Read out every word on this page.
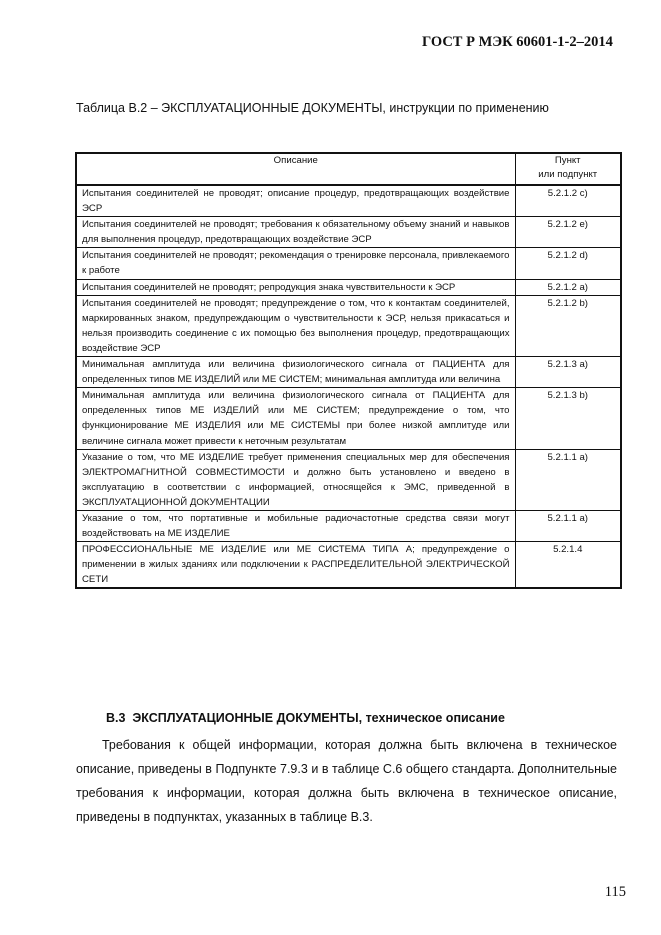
ГОСТ Р МЭК 60601-1-2–2014
Таблица В.2 – ЭКСПЛУАТАЦИОННЫЕ ДОКУМЕНТЫ, инструкции по применению
Описание	Пункт
или подпункт

Испытания соединителей не проводят; описание процедур, предотвращающих воздействие ЭСР	5.2.1.2 с)
Испытания соединителей не проводят; требования к обязательному объему знаний и навыков для выполнения процедур, предотвращающих воздействие ЭСР	5.2.1.2 е)
Испытания соединителей не проводят; рекомендация о тренировке персонала, привлекаемого к работе	5.2.1.2 d)
Испытания соединителей не проводят; репродукция знака чувствительности к ЭСР	5.2.1.2 а)
Испытания соединителей не проводят; предупреждение о том, что к контактам соединителей, маркированных знаком, предупреждающим о чувствительности к ЭСР, нельзя прикасаться и нельзя производить соединение с их помощью без выполнения процедур, предотвращающих воздействие ЭСР	5.2.1.2 b)
Минимальная амплитуда или величина физиологического сигнала от ПАЦИЕНТА для определенных типов МЕ ИЗДЕЛИЙ или МЕ СИСТЕМ; минимальная амплитуда или величина	5.2.1.3 а)
Минимальная амплитуда или величина физиологического сигнала от ПАЦИЕНТА для определенных типов МЕ ИЗДЕЛИЙ или МЕ СИСТЕМ; предупреждение о том, что функционирование МЕ ИЗДЕЛИЯ или МЕ СИСТЕМЫ при более низкой амплитуде или величине сигнала может привести к неточным результатам	5.2.1.3 b)
Указание о том, что МЕ ИЗДЕЛИЕ требует применения специальных мер для обеспечения ЭЛЕКТРОМАГНИТНОЙ СОВМЕСТИМОСТИ и должно быть установлено и введено в эксплуатацию в соответствии с информацией, относящейся к ЭМС, приведенной в ЭКСПЛУАТАЦИОННОЙ ДОКУМЕНТАЦИИ	5.2.1.1 а)
Указание о том, что портативные и мобильные радиочастотные средства связи могут воздействовать на МЕ ИЗДЕЛИЕ	5.2.1.1 а)
ПРОФЕССИОНАЛЬНЫЕ МЕ ИЗДЕЛИЕ или МЕ СИСТЕМА ТИПА А; предупреждение о применении в жилых зданиях или подключении к РАСПРЕДЕЛИТЕЛЬНОЙ ЭЛЕКТРИЧЕСКОЙ СЕТИ	5.2.1.4
В.3 ЭКСПЛУАТАЦИОННЫЕ ДОКУМЕНТЫ, техническое описание
Требования к общей информации, которая должна быть включена в техническое описание, приведены в Подпункте 7.9.3 и в таблице С.6 общего стандарта. Дополнительные требования к информации, которая должна быть включена в техническое описание, приведены в подпунктах, указанных в таблице В.3.
115
